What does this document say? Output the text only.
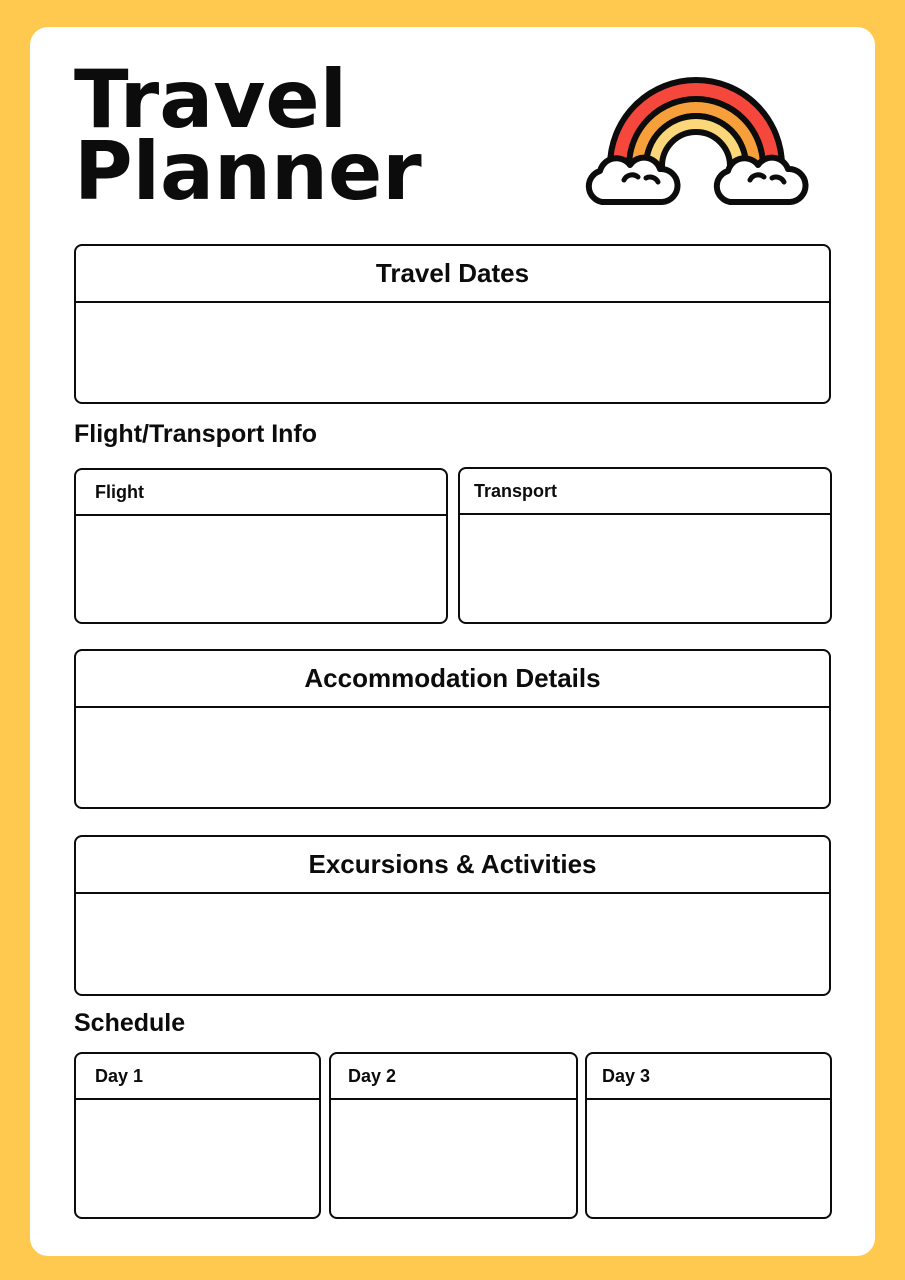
Travel
Planner
Travel Dates

Flight/Transport Info

Flight	Transport
Accommodation Details
Excursions & Activities

Schedule

Day 1	Day 2	Day 3
